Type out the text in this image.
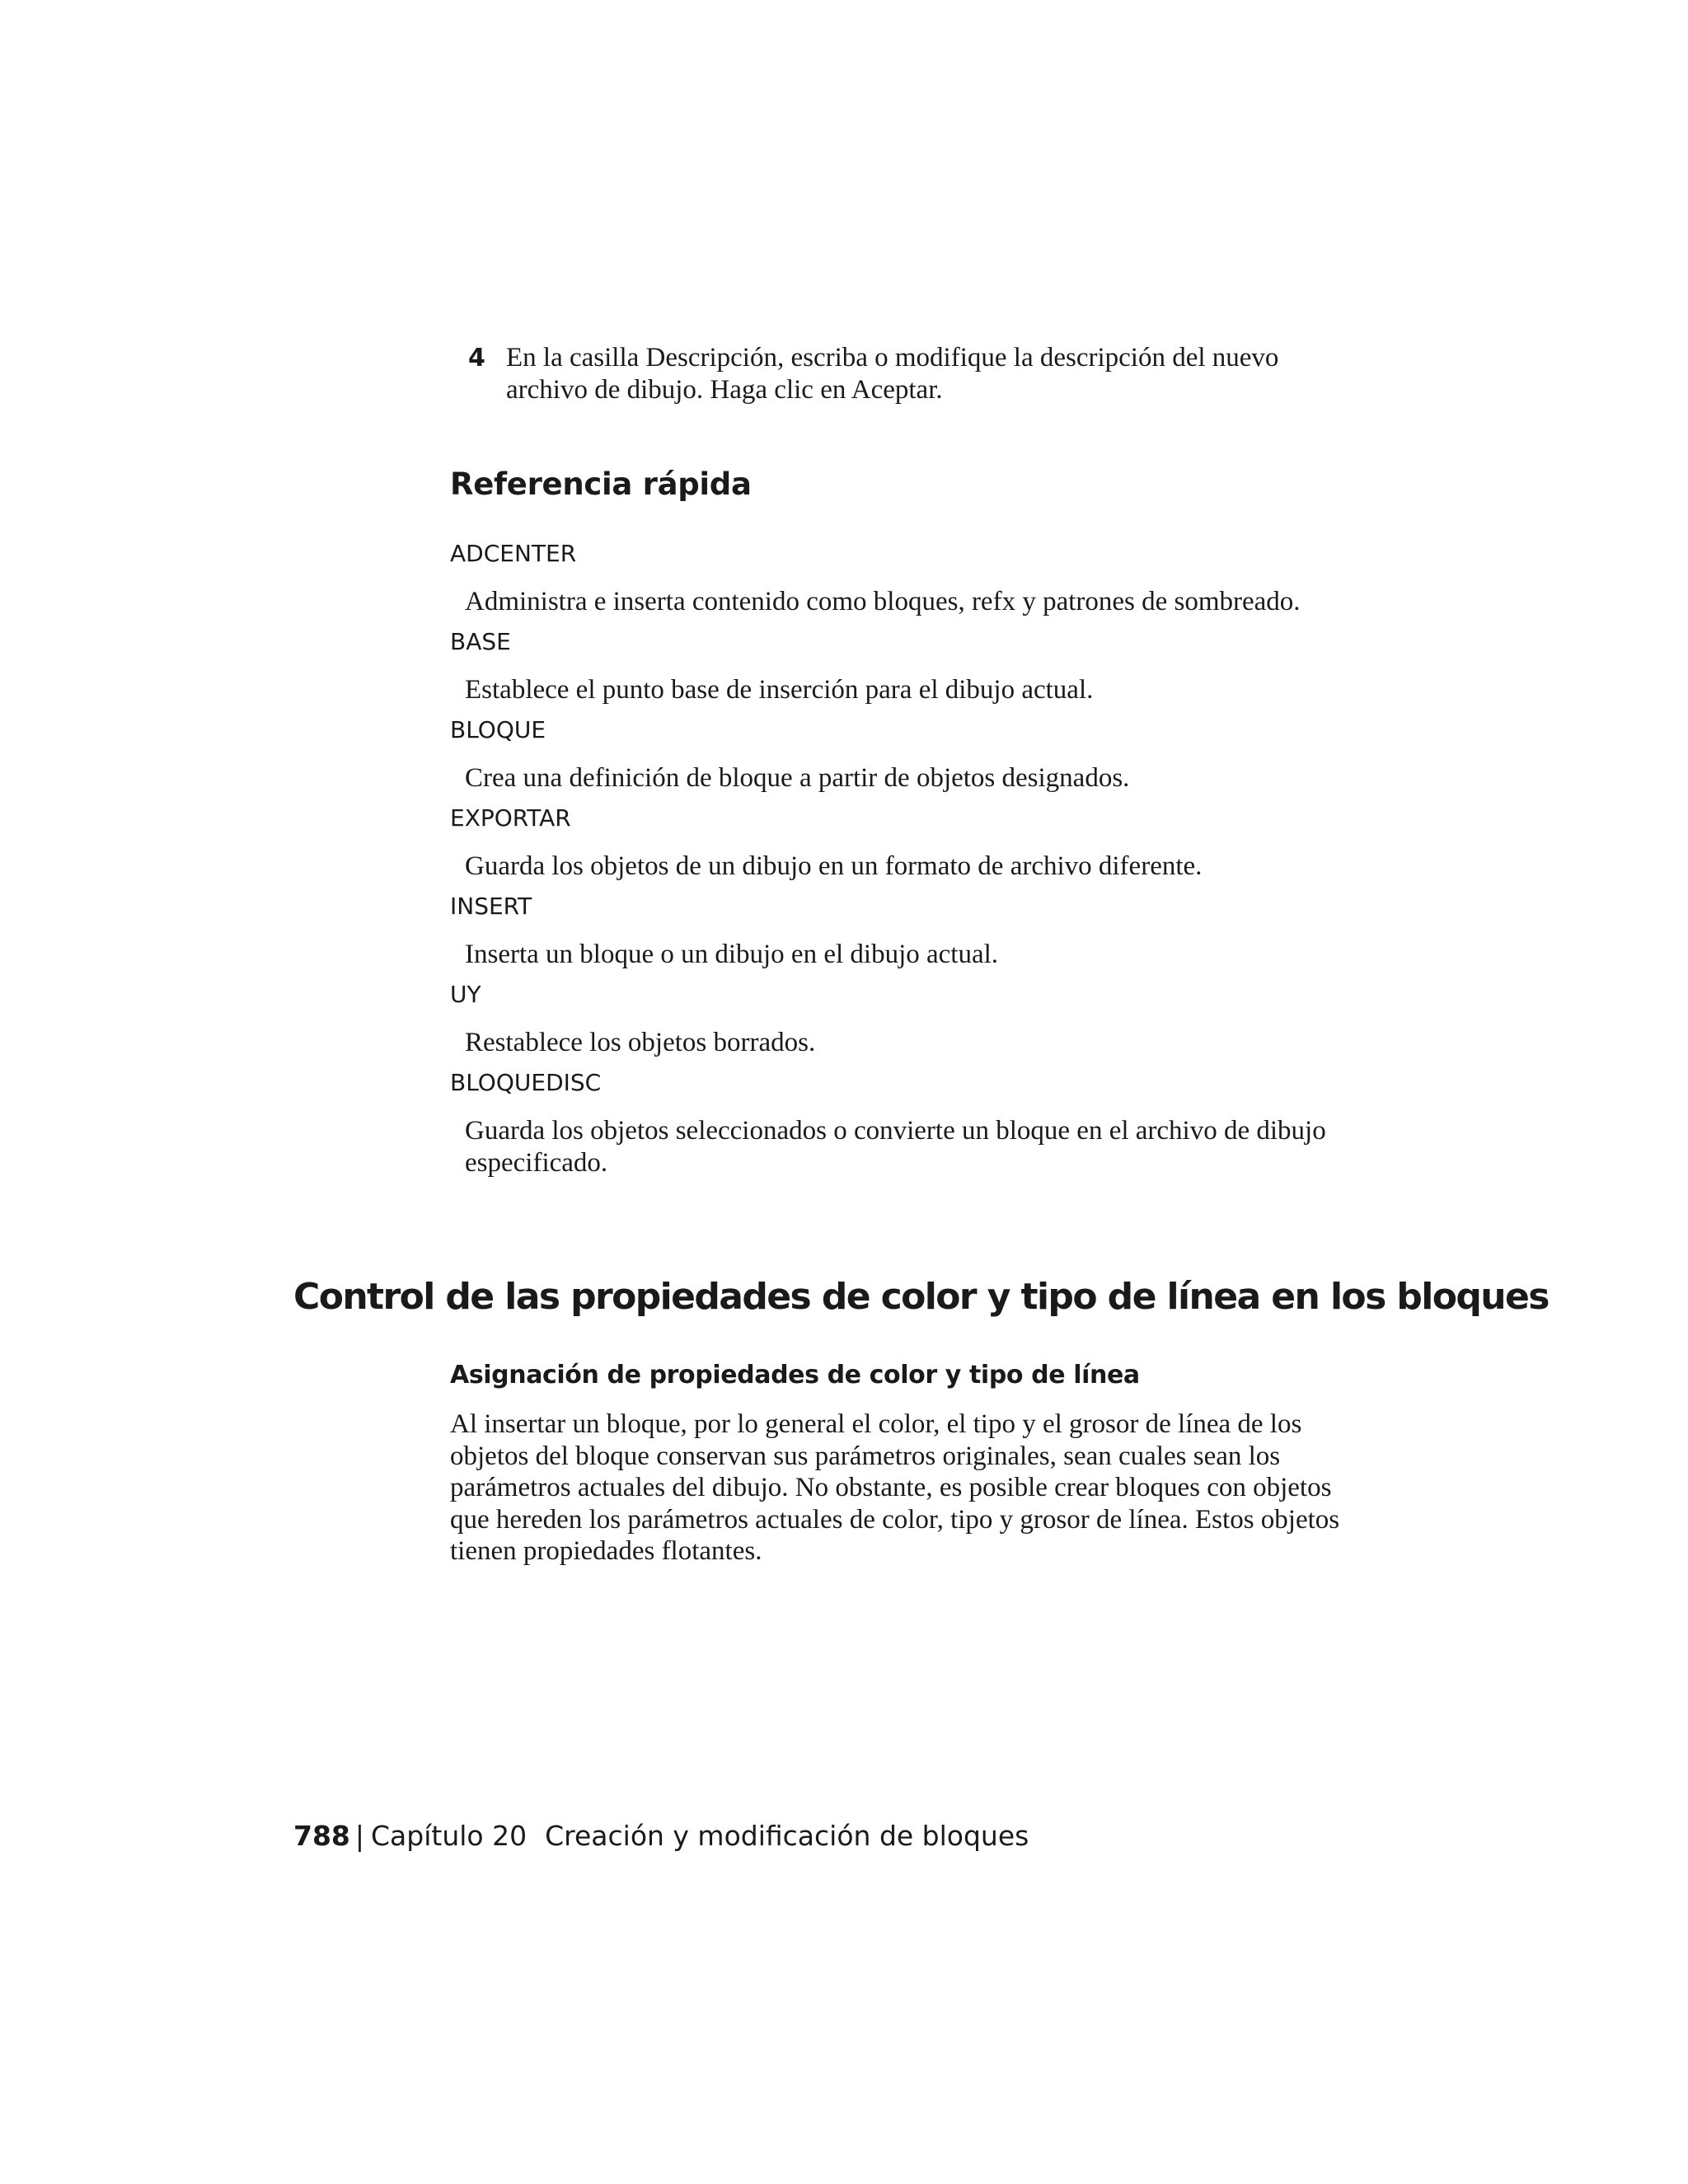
4 En la casilla Descripción, escriba o modifique la descripción del nuevo archivo de dibujo. Haga clic en Aceptar.
Referencia rápida
ADCENTER
Administra e inserta contenido como bloques, refx y patrones de sombreado.
BASE
Establece el punto base de inserción para el dibujo actual.
BLOQUE
Crea una definición de bloque a partir de objetos designados.
EXPORTAR
Guarda los objetos de un dibujo en un formato de archivo diferente.
INSERT
Inserta un bloque o un dibujo en el dibujo actual.
UY
Restablece los objetos borrados.
BLOQUEDISC
Guarda los objetos seleccionados o convierte un bloque en el archivo de dibujo especificado.
Control de las propiedades de color y tipo de línea en los bloques
Asignación de propiedades de color y tipo de línea
Al insertar un bloque, por lo general el color, el tipo y el grosor de línea de los objetos del bloque conservan sus parámetros originales, sean cuales sean los parámetros actuales del dibujo. No obstante, es posible crear bloques con objetos que hereden los parámetros actuales de color, tipo y grosor de línea. Estos objetos tienen propiedades flotantes.
788 | Capítulo 20 Creación y modificación de bloques
